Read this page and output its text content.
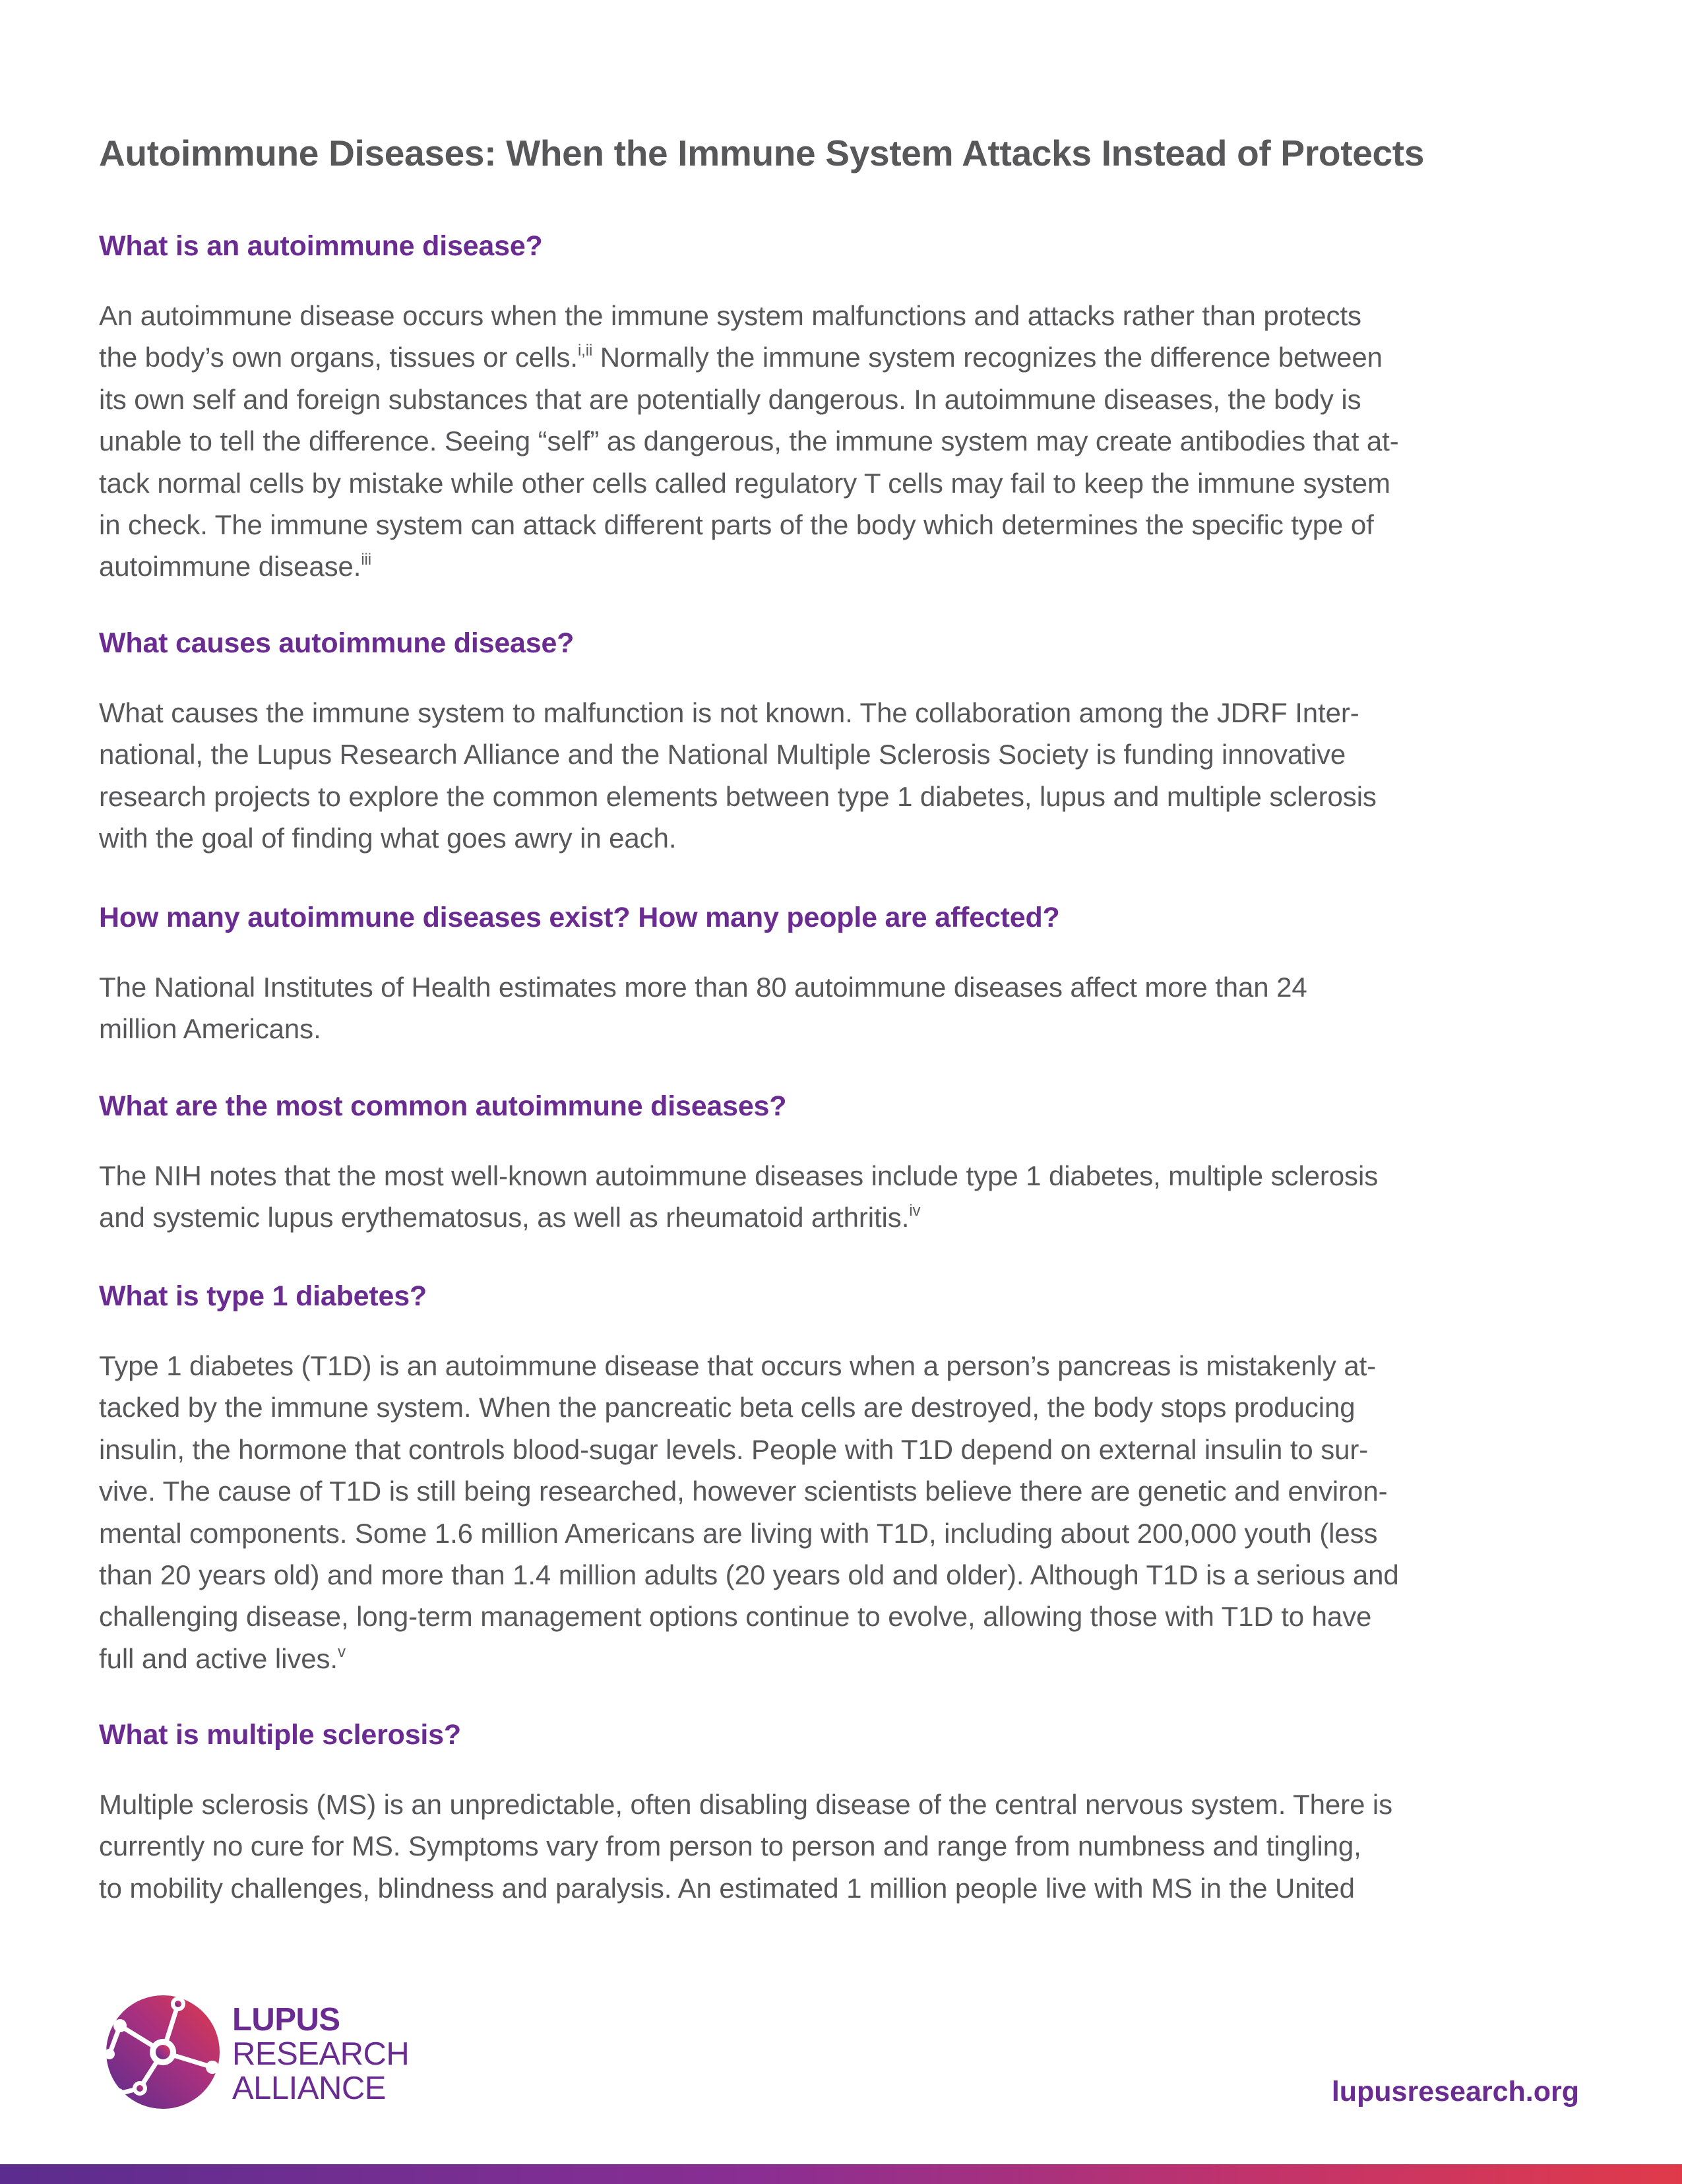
Autoimmune Diseases: When the Immune System Attacks Instead of Protects
What is an autoimmune disease?
An autoimmune disease occurs when the immune system malfunctions and attacks rather than protects
the body’s own organs, tissues or cells.$^{i,ii}$ Normally the immune system recognizes the difference between
its own self and foreign substances that are potentially dangerous. In autoimmune diseases, the body is
unable to tell the difference. Seeing “self” as dangerous, the immune system may create antibodies that at-
tack normal cells by mistake while other cells called regulatory T cells may fail to keep the immune system
in check. The immune system can attack different parts of the body which determines the specific type of
autoimmune disease.$^{iii}$
What causes autoimmune disease?
What causes the immune system to malfunction is not known. The collaboration among the JDRF Inter-
national, the Lupus Research Alliance and the National Multiple Sclerosis Society is funding innovative
research projects to explore the common elements between type 1 diabetes, lupus and multiple sclerosis
with the goal of finding what goes awry in each.
How many autoimmune diseases exist? How many people are affected?
The National Institutes of Health estimates more than 80 autoimmune diseases affect more than 24
million Americans.
What are the most common autoimmune diseases?
The NIH notes that the most well-known autoimmune diseases include type 1 diabetes, multiple sclerosis
and systemic lupus erythematosus, as well as rheumatoid arthritis.$^{iv}$
What is type 1 diabetes?
Type 1 diabetes (T1D) is an autoimmune disease that occurs when a person’s pancreas is mistakenly at-
tacked by the immune system. When the pancreatic beta cells are destroyed, the body stops producing
insulin, the hormone that controls blood-sugar levels. People with T1D depend on external insulin to sur-
vive. The cause of T1D is still being researched, however scientists believe there are genetic and environ-
mental components. Some 1.6 million Americans are living with T1D, including about 200,000 youth (less
than 20 years old) and more than 1.4 million adults (20 years old and older). Although T1D is a serious and
challenging disease, long-term management options continue to evolve, allowing those with T1D to have
full and active lives.$^v$
What is multiple sclerosis?
Multiple sclerosis (MS) is an unpredictable, often disabling disease of the central nervous system. There is
currently no cure for MS. Symptoms vary from person to person and range from numbness and tingling,
to mobility challenges, blindness and paralysis. An estimated 1 million people live with MS in the United
LUPUS
RESEARCH
ALLIANCE	lupusresearch.org
